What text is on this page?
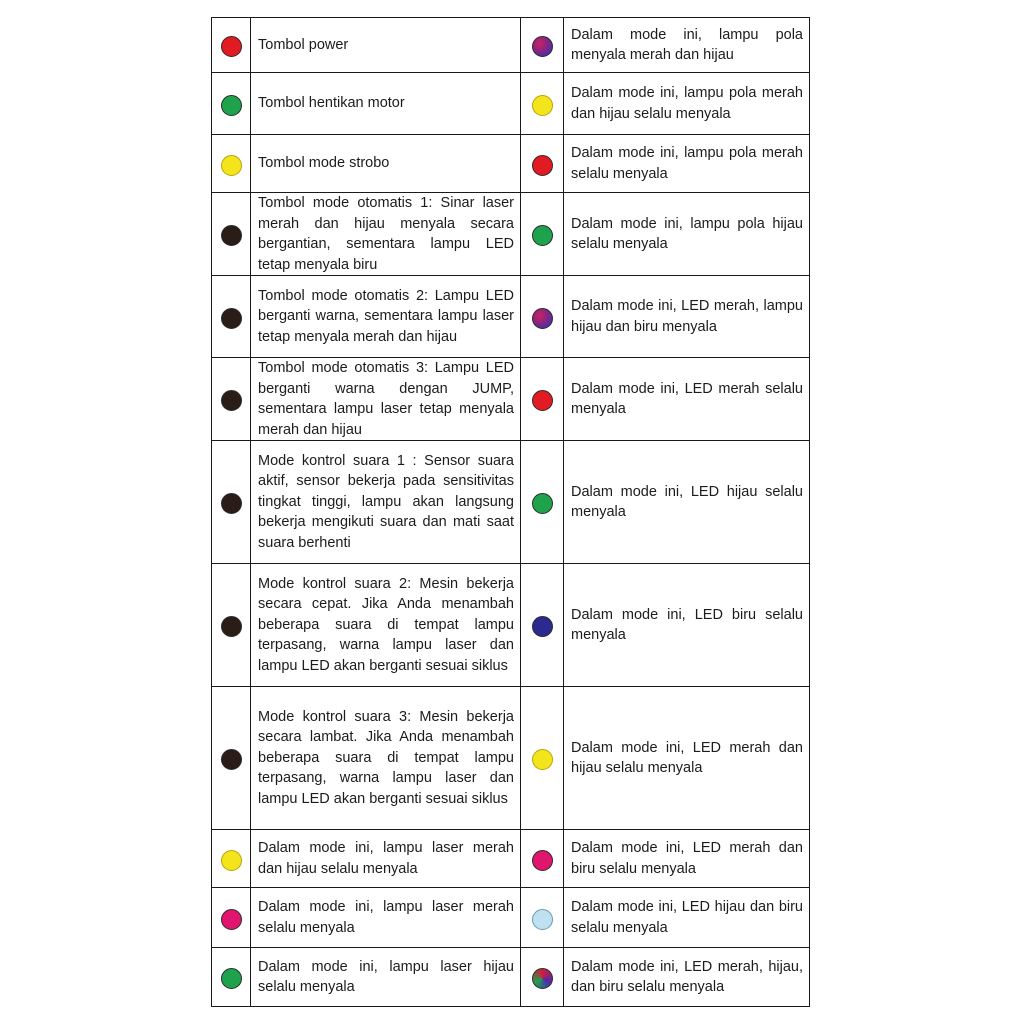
	Tombol power		Dalam mode ini, lampu pola menyala merah dan hijau
	Tombol hentikan motor		Dalam mode ini, lampu pola merah dan hijau selalu menyala
	Tombol mode strobo		Dalam mode ini, lampu pola merah selalu menyala
	Tombol mode otomatis 1: Sinar laser merah dan hijau menyala secara bergantian, sementara lampu LED tetap menyala biru		Dalam mode ini, lampu pola hijau selalu menyala
	Tombol mode otomatis 2: Lampu LED berganti warna, sementara lampu laser tetap menyala merah dan hijau		Dalam mode ini, LED merah, lampu hijau dan biru menyala
	Tombol mode otomatis 3: Lampu LED berganti warna dengan JUMP, sementara lampu laser tetap menyala merah dan hijau		Dalam mode ini, LED merah selalu menyala
	Mode kontrol suara 1 : Sensor suara aktif, sensor bekerja pada sensitivitas tingkat tinggi, lampu akan langsung bekerja mengikuti suara dan mati saat suara berhenti		Dalam mode ini, LED hijau selalu menyala
	Mode kontrol suara 2: Mesin bekerja secara cepat. Jika Anda menambah beberapa suara di tempat lampu terpasang, warna lampu laser dan lampu LED akan berganti sesuai siklus		Dalam mode ini, LED biru selalu menyala
	Mode kontrol suara 3: Mesin bekerja secara lambat. Jika Anda menambah beberapa suara di tempat lampu terpasang, warna lampu laser dan lampu LED akan berganti sesuai siklus		Dalam mode ini, LED merah dan hijau selalu menyala
	Dalam mode ini, lampu laser merah dan hijau selalu menyala		Dalam mode ini, LED merah dan biru selalu menyala
	Dalam mode ini, lampu laser merah selalu menyala		Dalam mode ini, LED hijau dan biru selalu menyala
	Dalam mode ini, lampu laser hijau selalu menyala		Dalam mode ini, LED merah, hijau, dan biru selalu menyala
